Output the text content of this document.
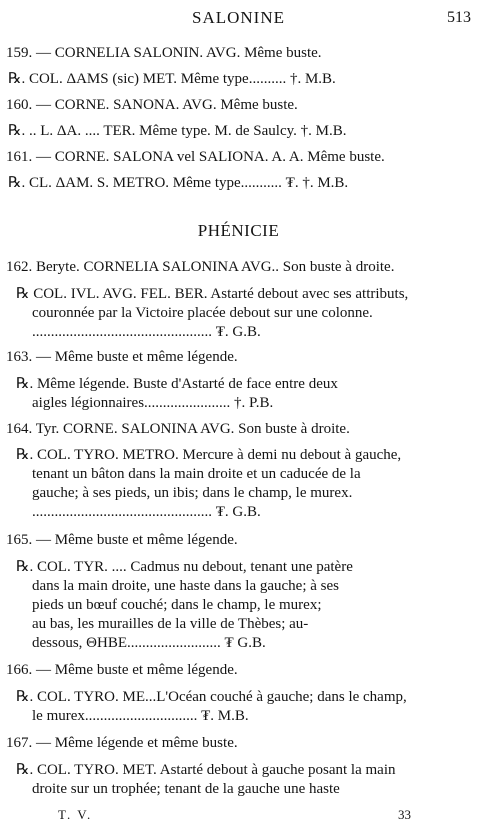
SALONINE	513
159. — CORNELIA SALONIN. AVG. Même buste.
℞. COL. ΔAMS (sic) MET. Même type.......... †. M.B.
160. — CORNE. SANONA. AVG. Même buste.
℞. .. L. ΔA. .... TER. Même type. M. de Saulcy. †. M.B.
161. — CORNE. SALONA vel SALIONA. A. A. Même buste.
℞. CL. ΔAM. S. METRO. Même type........... ₮. †. M.B.
PHÉNICIE
162. Beryte. CORNELIA SALONINA AVG.. Son buste à droite.
℞ COL. IVL. AVG. FEL. BER. Astarté debout avec ses attributs,
couronnée par la Victoire placée debout sur une colonne.
................................................ ₮. G.B.
163. — Même buste et même légende.
℞. Même légende. Buste d'Astarté de face entre deux
aigles légionnaires....................... †. P.B.
164. Tyr. CORNE. SALONINA AVG. Son buste à droite.
℞. COL. TYRO. METRO. Mercure à demi nu debout à gauche,
tenant un bâton dans la main droite et un caducée de la
gauche; à ses pieds, un ibis; dans le champ, le murex.
................................................ ₮. G.B.
165. — Même buste et même légende.
℞. COL. TYR. .... Cadmus nu debout, tenant une patère
dans la main droite, une haste dans la gauche; à ses
pieds un bœuf couché; dans le champ, le murex;
au bas, les murailles de la ville de Thèbes; au-
dessous, ΘHBE......................... ₮ G.B.
166. — Même buste et même légende.
℞. COL. TYRO. ME...L'Océan couché à gauche; dans le champ,
le murex.............................. ₮. M.B.
167. — Même légende et même buste.
℞. COL. TYRO. MET. Astarté debout à gauche posant la main
droite sur un trophée; tenant de la gauche une haste
T. V.	33
